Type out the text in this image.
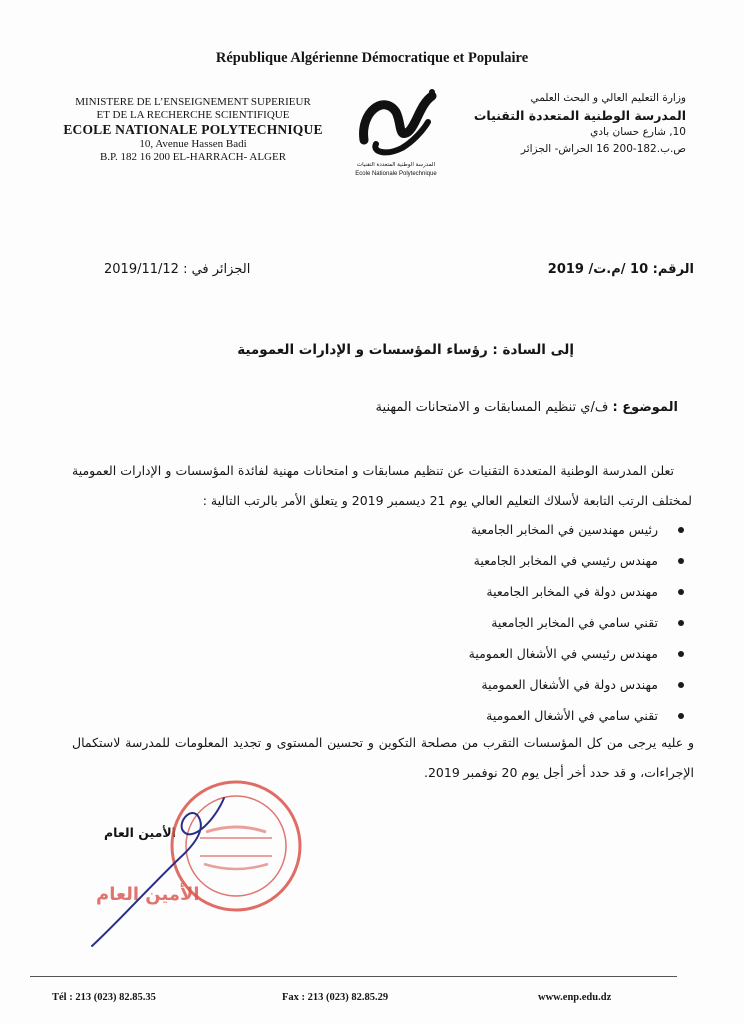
République Algérienne Démocratique et Populaire
MINISTERE DE L’ENSEIGNEMENT SUPERIEUR
ET DE LA RECHERCHE SCIENTIFIQUE
ECOLE NATIONALE POLYTECHNIQUE
10, Avenue Hassen Badi
B.P. 182 16 200 EL-HARRACH- ALGER
المدرسة الوطنية المتعددة التقنيات
Ecole Nationale Polytechnique
وزارة التعليم العالي و البحث العلمي
المدرسة الوطنية المتعددة التقنيات
10, شارع حسان بادي
ص.ب.182-200 16 الحراش- الجزائر
الرقم: 10 /م.ت/ 2019
الجزائر في : 2019/11/12
إلى السادة : رؤساء المؤسسات و الإدارات العمومية
الموضوع : ف/ي تنظيم المسابقات و الامتحانات المهنية
تعلن المدرسة الوطنية المتعددة التقنيات عن تنظيم مسابقات و امتحانات مهنية لفائدة المؤسسات و الإدارات العمومية لمختلف الرتب التابعة لأسلاك التعليم العالي يوم 21 ديسمبر 2019 و يتعلق الأمر بالرتب التالية :
رئيس مهندسين في المخابر الجامعية
مهندس رئيسي في المخابر الجامعية
مهندس دولة في المخابر الجامعية
تقني سامي في المخابر الجامعية
مهندس رئيسي في الأشغال العمومية
مهندس دولة في الأشغال العمومية
تقني سامي في الأشغال العمومية
و عليه يرجى من كل المؤسسات التقرب من مصلحة التكوين و تحسين المستوى و تجديد المعلومات للمدرسة لاستكمال الإجراءات، و قد حدد أخر أجل يوم 20 نوفمبر 2019.
الأمين العام
الأمين العام
Tél : 213 (023) 82.85.35	Fax : 213 (023) 82.85.29	www.enp.edu.dz
